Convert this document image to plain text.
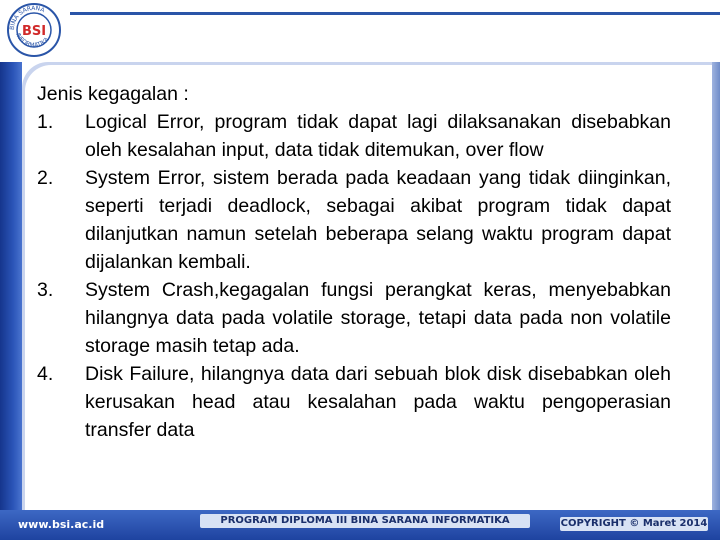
BSI
BINA SARANA
INFORMATIKA

Jenis kegagalan :

1.	Logical Error, program tidak dapat lagi dilaksanakan disebabkan oleh kesalahan input, data tidak ditemukan, over flow
2.	System Error, sistem berada pada keadaan yang tidak diinginkan, seperti terjadi deadlock, sebagai akibat program tidak dapat dilanjutkan namun setelah beberapa selang waktu program dapat dijalankan kembali.
3.	System Crash,kegagalan fungsi perangkat keras, menyebabkan hilangnya data pada volatile storage, tetapi data pada non volatile storage masih tetap ada.
4.	Disk Failure, hilangnya data dari sebuah blok disk disebabkan oleh kerusakan head atau kesalahan pada waktu pengoperasian transfer data
www.bsi.ac.id	PROGRAM DIPLOMA III BINA SARANA INFORMATIKA	COPYRIGHT © Maret 2014
